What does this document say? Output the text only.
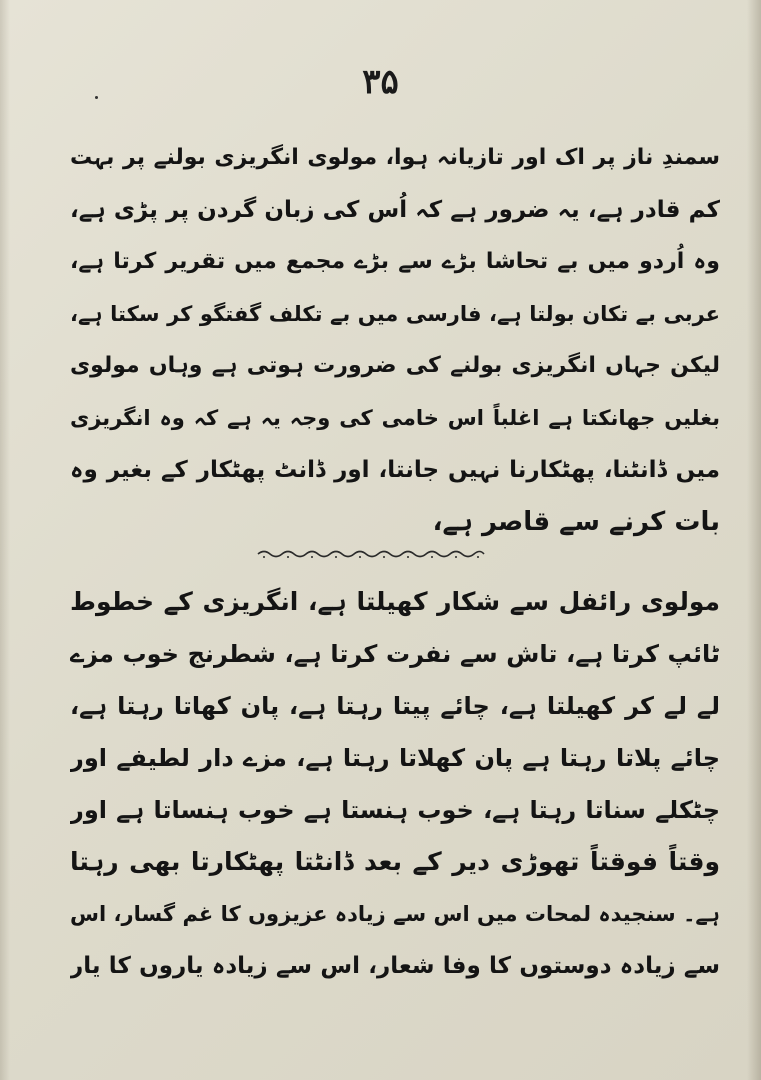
۳۵
سمندِ ناز پر اک اور تازیانہ ہوا، مولوی انگریزی بولنے پر بہت
کم قادر ہے، یہ ضرور ہے کہ اُس کی زبان گردن پر پڑی ہے،
وہ اُردو میں بے تحاشا بڑے سے بڑے مجمع میں تقریر کرتا ہے،
عربی بے تکان بولتا ہے، فارسی میں بے تکلف گفتگو کر سکتا ہے،
لیکن جہاں انگریزی بولنے کی ضرورت ہوتی ہے وہاں مولوی
بغلیں جھانکتا ہے اغلباً اس خامی کی وجہ یہ ہے کہ وہ انگریزی
میں ڈانٹنا، پھٹکارنا نہیں جانتا، اور ڈانٹ پھٹکار کے بغیر وہ
بات کرنے سے قاصر ہے،
مولوی رائفل سے شکار کھیلتا ہے، انگریزی کے خطوط
ٹائپ کرتا ہے، تاش سے نفرت کرتا ہے، شطرنج خوب مزے
لے لے کر کھیلتا ہے، چائے پیتا رہتا ہے، پان کھاتا رہتا ہے،
چائے پلاتا رہتا ہے پان کھلاتا رہتا ہے، مزے دار لطیفے اور
چٹکلے سناتا رہتا ہے، خوب ہنستا ہے خوب ہنساتا ہے اور
وقتاً فوقتاً تھوڑی دیر کے بعد ڈانٹتا پھٹکارتا بھی رہتا
ہے۔ سنجیدہ لمحات میں اس سے زیادہ عزیزوں کا غم گسار، اس
سے زیادہ دوستوں کا وفا شعار، اس سے زیادہ یاروں کا یار
